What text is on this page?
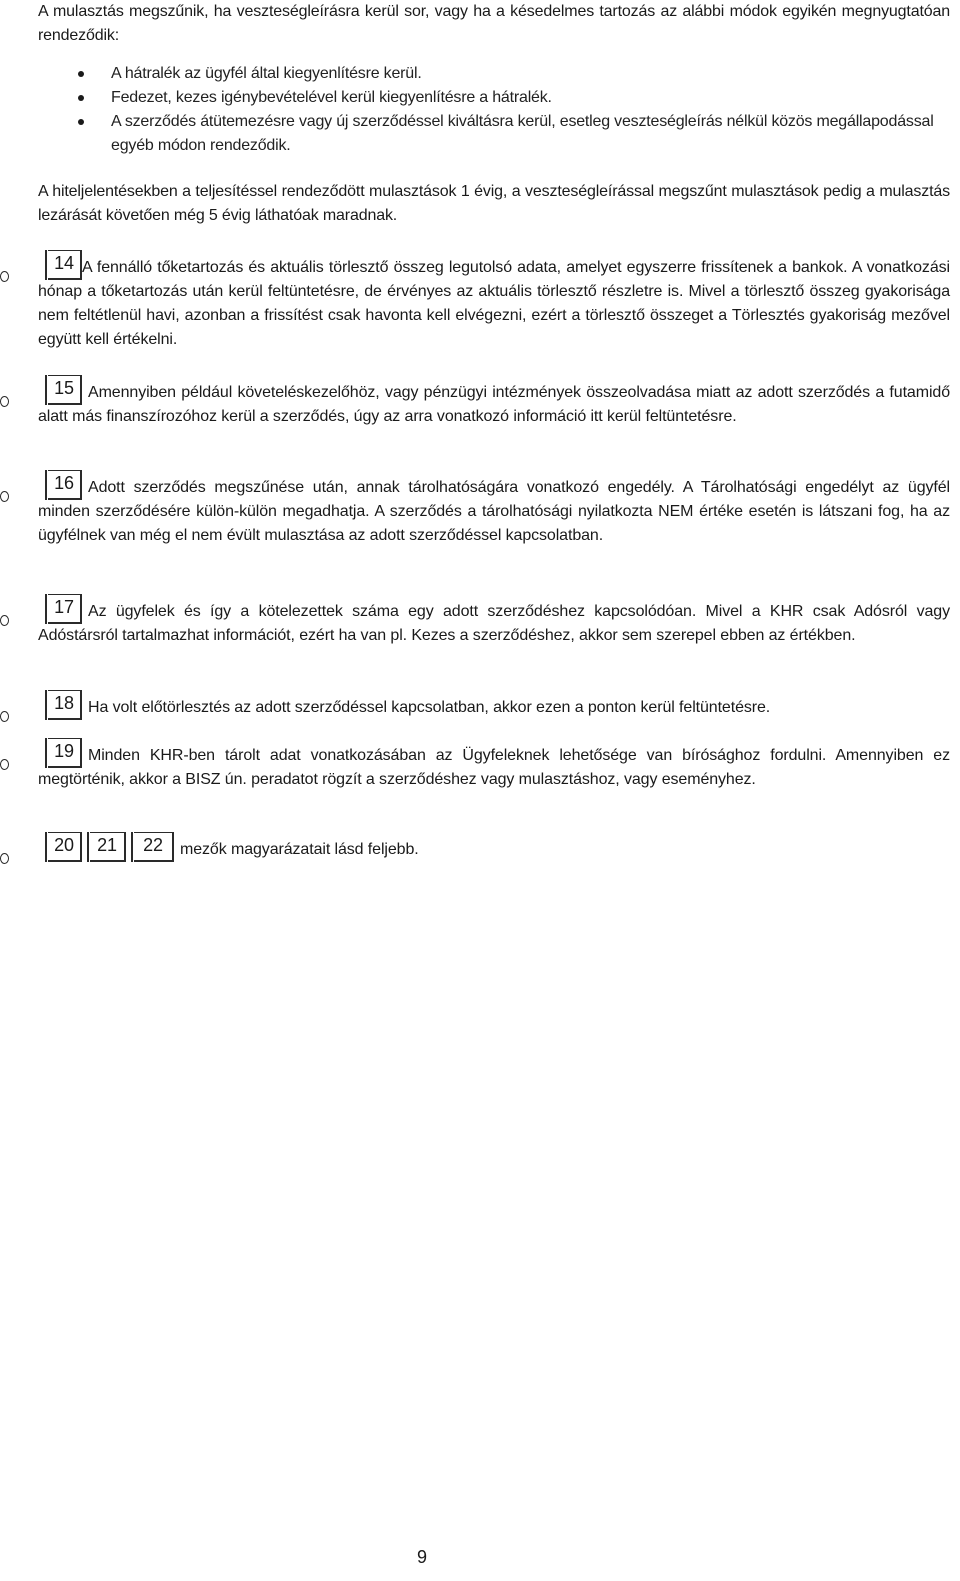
A mulasztás megszűnik, ha veszteségleírásra kerül sor, vagy ha a késedelmes tartozás az alábbi módok egyikén megnyugtatóan rendeződik:

A hátralék az ügyfél által kiegyenlítésre kerül.
Fedezet, kezes igénybevételével kerül kiegyenlítésre a hátralék.
A szerződés átütemezésre vagy új szerződéssel kiváltásra kerül, esetleg veszteségleírás nélkül közös megállapodással egyéb módon rendeződik.

A hiteljelentésekben a teljesítéssel rendeződött mulasztások 1 évig, a veszteségleírással megszűnt mulasztások pedig a mulasztás lezárását követően még 5 évig láthatóak maradnak.

14 A fennálló tőketartozás és aktuális törlesztő összeg legutolsó adata, amelyet egyszerre frissítenek a bankok. A vonatkozási hónap a tőketartozás után kerül feltüntetésre, de érvényes az aktuális törlesztő részletre is. Mivel a törlesztő összeg gyakorisága nem feltétlenül havi, azonban a frissítést csak havonta kell elvégezni, ezért a törlesztő összeget a Törlesztés gyakoriság mezővel együtt kell értékelni.
15 Amennyiben például követeléskezelőhöz, vagy pénzügyi intézmények összeolvadása miatt az adott szerződés a futamidő alatt más finanszírozóhoz kerül a szerződés, úgy az arra vonatkozó információ itt kerül feltüntetésre.
16 Adott szerződés megszűnése után, annak tárolhatóságára vonatkozó engedély. A Tárolhatósági engedélyt az ügyfél minden szerződésére külön-külön megadhatja. A szerződés a tárolhatósági nyilatkozta NEM értéke esetén is látszani fog, ha az ügyfélnek van még el nem évült mulasztása az adott szerződéssel kapcsolatban.
17 Az ügyfelek és így a kötelezettek száma egy adott szerződéshez kapcsolódóan. Mivel a KHR csak Adósról vagy Adóstársról tartalmazhat információt, ezért ha van pl. Kezes a szerződéshez, akkor sem szerepel ebben az értékben.
18 Ha volt előtörlesztés az adott szerződéssel kapcsolatban, akkor ezen a ponton kerül feltüntetésre.
19 Minden KHR-ben tárolt adat vonatkozásában az Ügyfeleknek lehetősége van bírósághoz fordulni. Amennyiben ez megtörténik, akkor a BISZ ún. peradatot rögzít a szerződéshez vagy mulasztáshoz, vagy eseményhez.
20	21	22	mezők magyarázatait lásd feljebb.
9
